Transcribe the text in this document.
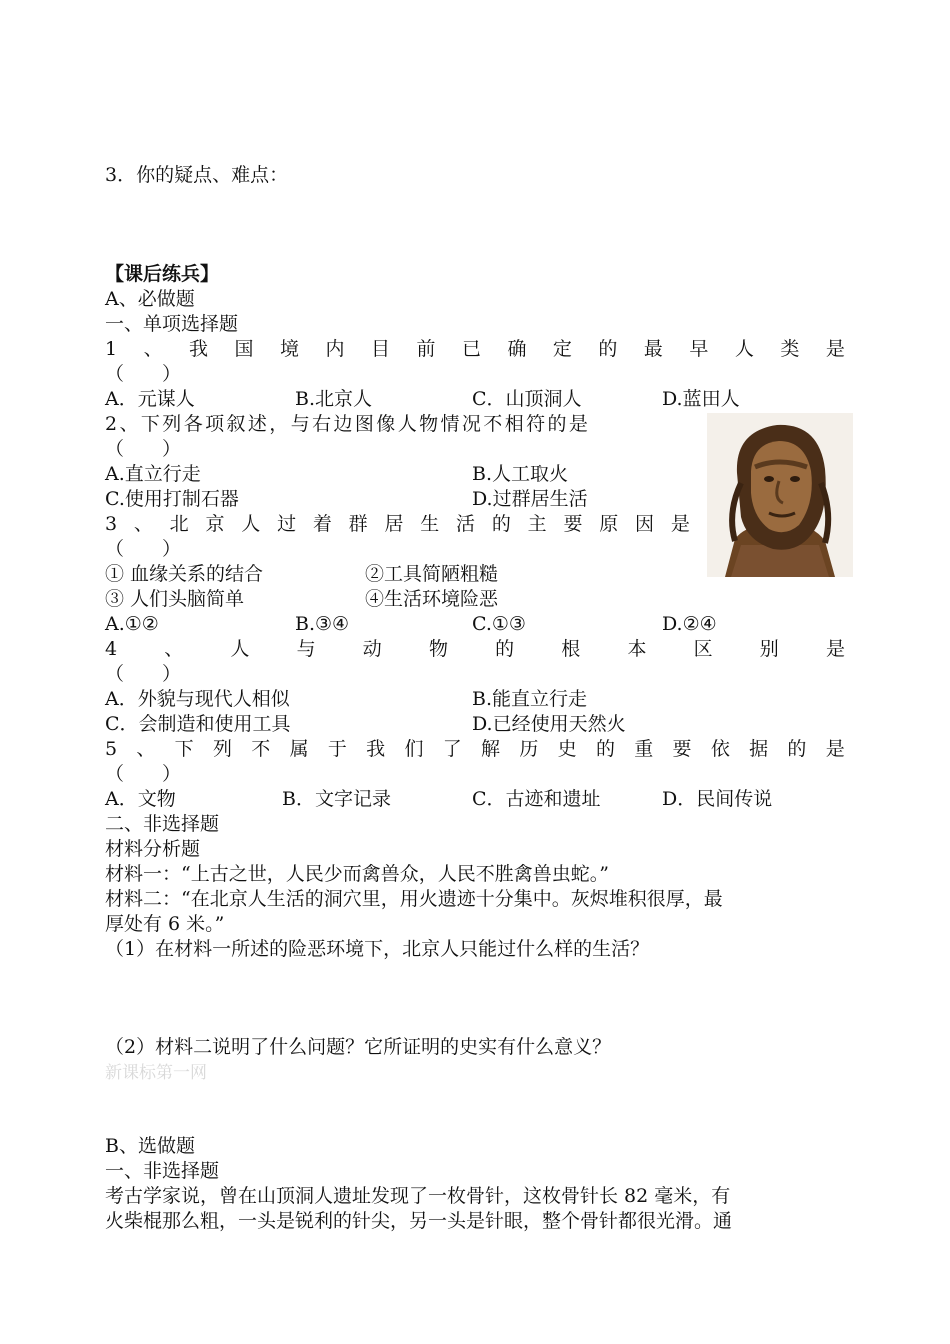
3．你的疑点、难点：
【课后练兵】
A、必做题
一、单项选择题
1 、 我 国 境 内 目 前 已 确 定 的 最 早 人 类 是
（　　）
A．元谋人	B.北京人	C．山顶洞人	D.蓝田人
2、下列各项叙述，与右边图像人物情况不相符的是
（　　）
A.直立行走	B.人工取火
C.使用打制石器	D.过群居生活
3 、 北 京 人 过 着 群 居 生 活 的 主 要 原 因 是
（　　）
① 血缘关系的结合	②工具简陋粗糙
③ 人们头脑简单	④生活环境险恶
A.①②	B.③④	C.①③	D.②④
4 、 人 与 动 物 的 根 本 区 别 是
（　　）
A．外貌与现代人相似	B.能直立行走
C．会制造和使用工具	D.已经使用天然火
5 、 下 列 不 属 于 我 们 了 解 历 史 的 重 要 依 据 的 是
（　　）
A．文物	B．文字记录	C．古迹和遗址	D．民间传说
二、非选择题
材料分析题
材料一：“上古之世，人民少而禽兽众，人民不胜禽兽虫蛇。”
材料二：“在北京人生活的洞穴里，用火遗迹十分集中。灰烬堆积很厚，最
厚处有 6 米。”
（1）在材料一所述的险恶环境下，北京人只能过什么样的生活？
（2）材料二说明了什么问题？它所证明的史实有什么意义？
新课标第一网
B、选做题
一、非选择题
考古学家说，曾在山顶洞人遗址发现了一枚骨针，这枚骨针长 82 毫米，有
火柴棍那么粗，一头是锐利的针尖，另一头是针眼，整个骨针都很光滑。通
